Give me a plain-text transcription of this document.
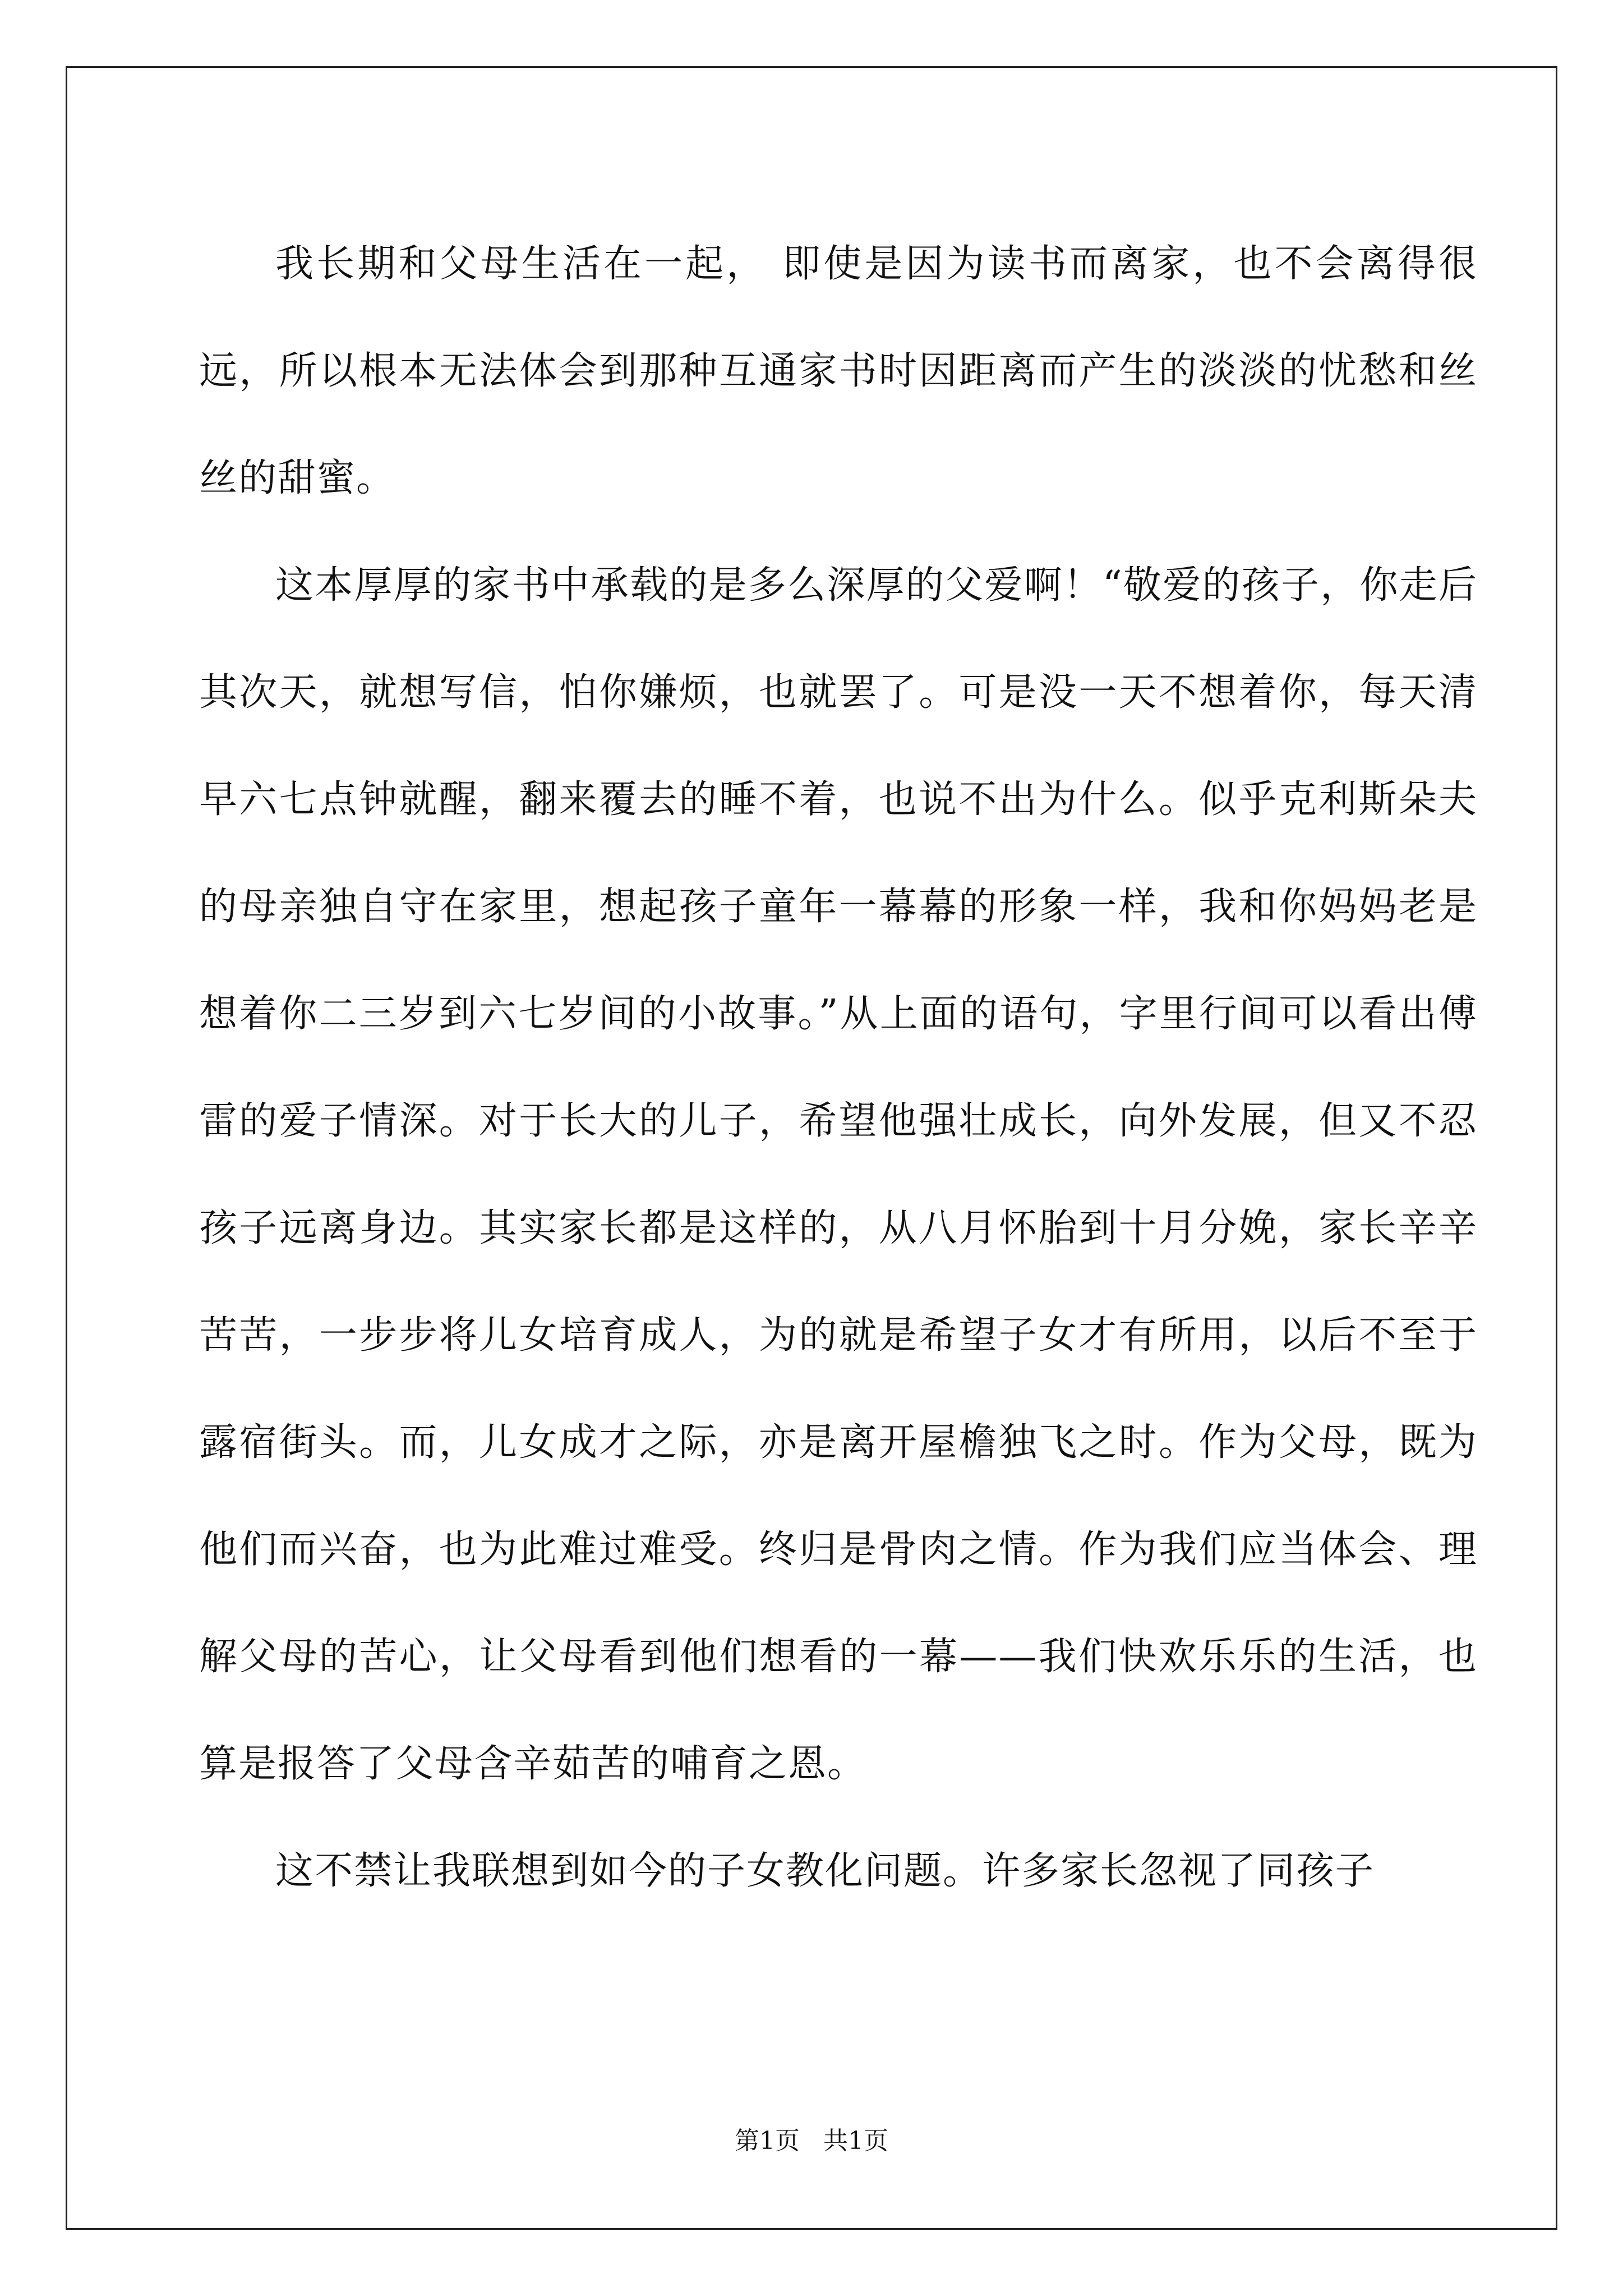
我长期和父母生活在一起， 即使是因为读书而离家，也不会离得很远，所以根本无法体会到那种互通家书时因距离而产生的淡淡的忧愁和丝丝的甜蜜。

这本厚厚的家书中承载的是多么深厚的父爱啊！“敬爱的孩子，你走后其次天，就想写信，怕你嫌烦，也就罢了。可是没一天不想着你，每天清早六七点钟就醒，翻来覆去的睡不着，也说不出为什么。似乎克利斯朵夫的母亲独自守在家里，想起孩子童年一幕幕的形象一样，我和你妈妈老是想着你二三岁到六七岁间的小故事。”从上面的语句，字里行间可以看出傅雷的爱子情深。对于长大的儿子，希望他强壮成长，向外发展，但又不忍孩子远离身边。其实家长都是这样的，从八月怀胎到十月分娩，家长辛辛苦苦，一步步将儿女培育成人，为的就是希望子女才有所用，以后不至于露宿街头。而，儿女成才之际，亦是离开屋檐独飞之时。作为父母，既为他们而兴奋，也为此难过难受。终归是骨肉之情。作为我们应当体会、理解父母的苦心，让父母看到他们想看的一幕——我们快欢乐乐的生活，也算是报答了父母含辛茹苦的哺育之恩。

这不禁让我联想到如今的子女教化问题。许多家长忽视了同孩子

第1页   共1页
